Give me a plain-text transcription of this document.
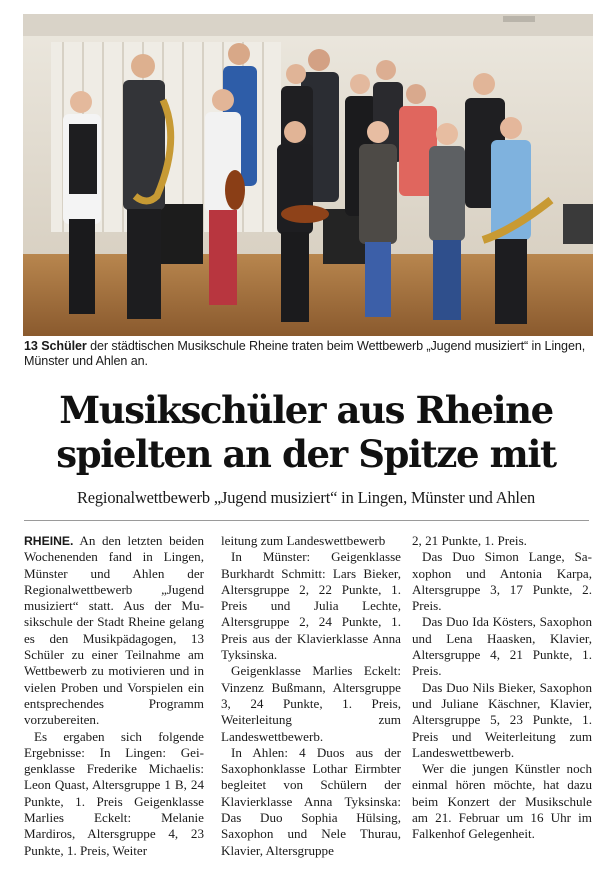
13 Schüler der städtischen Musikschule Rheine traten beim Wettbewerb „Jugend musiziert“ in Lingen, Münster und Ahlen an.
Musikschüler aus Rheine
spielten an der Spitze mit
Regionalwettbewerb „Jugend musiziert“ in Lingen, Münster und Ahlen

RHEINE. An den letzten beiden Wochenenden fand in Lingen, Münster und Ahlen der Regionalwettbewerb „Jugend musiziert“ statt. Aus der Musikschule der Stadt Rheine gelang es den Musikpädagogen, 13 Schüler zu einer Teilnahme am Wettbewerb zu motivieren und in vielen Proben und Vorspielen ein entsprechendes Programm vorzubereiten.

Es ergaben sich folgende Ergebnisse: In Lingen: Geigenklasse Frederike Michaelis: Leon Quast, Altersgruppe 1 B, 24 Punkte, 1. Preis Geigenklasse Marlies Eckelt: Melanie Mardiros, Altersgruppe 4, 23 Punkte, 1. Preis, Weiter

leitung zum Landeswettbewerb

In Münster: Geigenklasse Burkhardt Schmitt: Lars Bieker, Altersgruppe 2, 22 Punkte, 1. Preis und Julia Lechte, Altersgruppe 2, 24 Punkte, 1. Preis aus der Klavierklasse Anna Tyksinska.

Geigenklasse Marlies Eckelt: Vinzenz Bußmann, Altersgruppe 3, 24 Punkte, 1. Preis, Weiterleitung zum Landeswettbewerb.

In Ahlen: 4 Duos aus der Saxophonklasse Lothar Eirmbter begleitet von Schülern der Klavierklasse Anna Tyksinska: Das Duo Sophia Hülsing, Saxophon und Nele Thurau, Klavier, Altersgruppe

2, 21 Punkte, 1. Preis.

Das Duo Simon Lange, Saxophon und Antonia Karpa, Altersgruppe 3, 17 Punkte, 2. Preis.

Das Duo Ida Kösters, Saxophon und Lena Haasken, Klavier, Altersgruppe 4, 21 Punkte, 1. Preis.

Das Duo Nils Bieker, Saxophon und Juliane Käschner, Klavier, Altersgruppe 5, 23 Punkte, 1. Preis und Weiterleitung zum Landeswettbewerb.

Wer die jungen Künstler noch einmal hören möchte, hat dazu beim Konzert der Musikschule am 21. Februar um 16 Uhr im Falkenhof Gelegenheit.
